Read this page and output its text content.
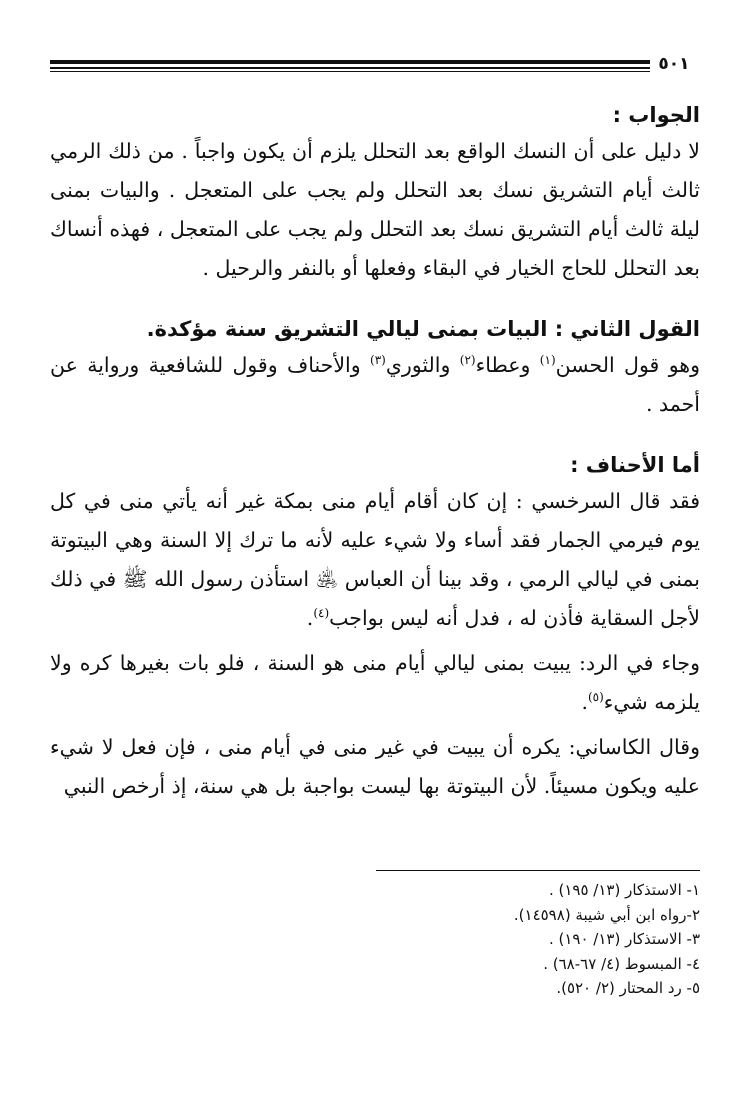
٥٠١

الجواب :

لا دليل على أن النسك الواقع بعد التحلل يلزم أن يكون واجباً . من ذلك الرمي ثالث أيام التشريق نسك بعد التحلل ولم يجب على المتعجل . والبيات بمنى ليلة ثالث أيام التشريق نسك بعد التحلل ولم يجب على المتعجل ، فهذه أنساك بعد التحلل للحاج الخيار في البقاء وفعلها أو بالنفر والرحيل .

القول الثاني : البيات بمنى ليالي التشريق سنة مؤكدة.

وهو قول الحسن$^{(١)}$ وعطاء$^{(٢)}$ والثوري$^{(٣)}$ والأحناف وقول للشافعية ورواية عن أحمد .

أما الأحناف :

فقد قال السرخسي : إن كان أقام أيام منى بمكة غير أنه يأتي منى في كل يوم فيرمي الجمار فقد أساء ولا شيء عليه لأنه ما ترك إلا السنة وهي البيتوتة بمنى في ليالي الرمي ، وقد بينا أن العباس ﵁ استأذن رسول الله ﷺ في ذلك لأجل السقاية فأذن له ، فدل أنه ليس بواجب$^{(٤)}$.

وجاء في الرد: يبيت بمنى ليالي أيام منى هو السنة ، فلو بات بغيرها كره ولا يلزمه شيء$^{(٥)}$.

وقال الكاساني: يكره أن يبيت في غير منى في أيام منى ، فإن فعل لا شيء عليه ويكون مسيئاً. لأن البيتوتة بها ليست بواجبة بل هي سنة، إذ أرخص النبي

١- الاستذكار (١٣/ ١٩٥) .

٢-رواه ابن أبي شيبة (١٤٥٩٨).

٣- الاستذكار (١٣/ ١٩٠) .

٤- المبسوط (٤/ ٦٧-٦٨) .

٥- رد المحتار (٢/ ٥٢٠).
